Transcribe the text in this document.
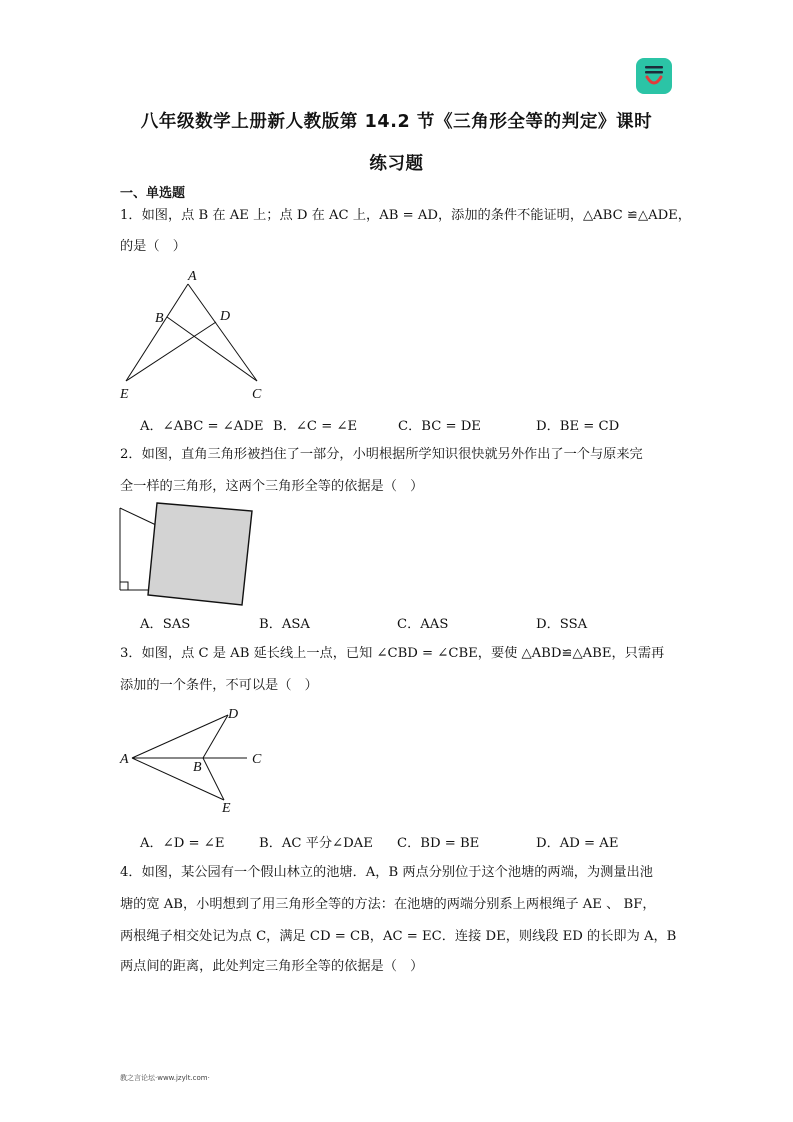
八年级数学上册新人教版第 14.2 节《三角形全等的判定》课时
练习题
一、单选题
1．如图，点 B 在 AE 上；点 D 在 AC 上，AB = AD，添加的条件不能证明，△ABC ≌△ADE，
的是（　）
A
B	D
E	C
A．∠ABC = ∠ADE B．∠C = ∠E	C．BC = DE	D．BE = CD
2．如图，直角三角形被挡住了一部分，小明根据所学知识很快就另外作出了一个与原来完
全一样的三角形，这两个三角形全等的依据是（　）
A．SAS	B．ASA	C．AAS	D．SSA
3．如图，点 C 是 AB 延长线上一点，已知 ∠CBD = ∠CBE，要使 △ABD≌△ABE，只需再
添加的一个条件，不可以是（　）
A
B
C
D
E
A．∠D = ∠E	B．AC 平分∠DAE C．BD = BE	D．AD = AE
4．如图，某公园有一个假山林立的池塘．A，B 两点分别位于这个池塘的两端，为测量出池
塘的宽 AB，小明想到了用三角形全等的方法：在池塘的两端分别系上两根绳子 AE 、 BF，
两根绳子相交处记为点 C，满足 CD = CB，AC = EC．连接 DE，则线段 ED 的长即为 A，B
两点间的距离，此处判定三角形全等的依据是（　）
教之言论坛·www.jzylt.com·
